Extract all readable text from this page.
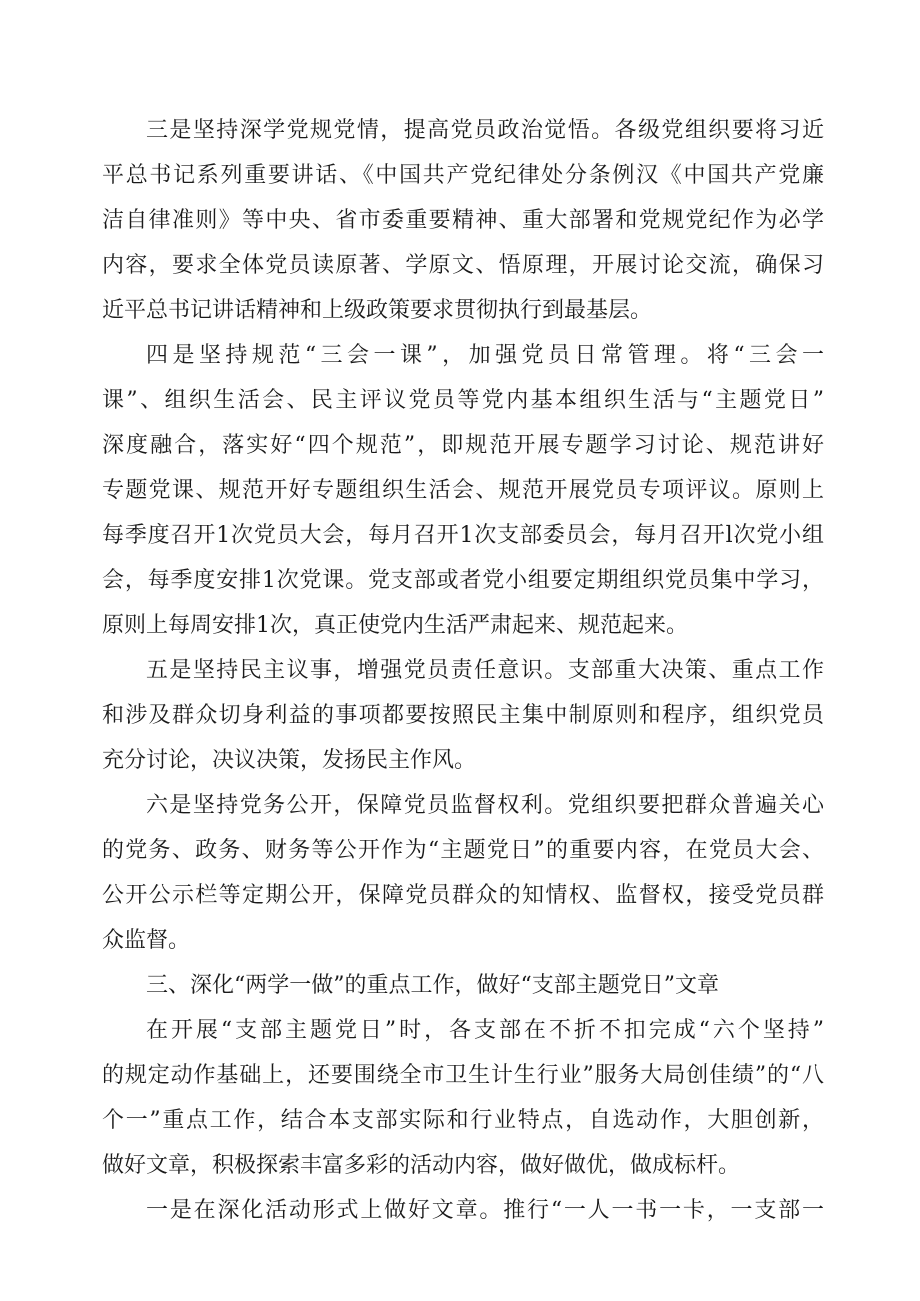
三是坚持深学党规党情，提高党员政治觉悟。各级党组织要将习近
平总书记系列重要讲话、《中国共产党纪律处分条例汉《中国共产党廉
洁自律准则》等中央、省市委重要精神、重大部署和党规党纪作为必学
内容，要求全体党员读原著、学原文、悟原理，开展讨论交流，确保习
近平总书记讲话精神和上级政策要求贯彻执行到最基层。
四是坚持规范“三会一课”，加强党员日常管理。将“三会一
课”、组织生活会、民主评议党员等党内基本组织生活与“主题党日”
深度融合，落实好“四个规范”，即规范开展专题学习讨论、规范讲好
专题党课、规范开好专题组织生活会、规范开展党员专项评议。原则上
每季度召开1次党员大会，每月召开1次支部委员会，每月召开l次党小组
会，每季度安排1次党课。党支部或者党小组要定期组织党员集中学习，
原则上每周安排1次，真正使党内生活严肃起来、规范起来。
五是坚持民主议事，增强党员责任意识。支部重大决策、重点工作
和涉及群众切身利益的事项都要按照民主集中制原则和程序，组织党员
充分讨论，决议决策，发扬民主作风。
六是坚持党务公开，保障党员监督权利。党组织要把群众普遍关心
的党务、政务、财务等公开作为“主题党日”的重要内容，在党员大会、
公开公示栏等定期公开，保障党员群众的知情权、监督权，接受党员群
众监督。
三、深化“两学一做”的重点工作，做好“支部主题党日”文章
在开展“支部主题党日”时，各支部在不折不扣完成“六个坚持”
的规定动作基础上，还要围绕全市卫生计生行业”服务大局创佳绩”的“八
个一”重点工作，结合本支部实际和行业特点，自选动作，大胆创新，
做好文章，积极探索丰富多彩的活动内容，做好做优，做成标杆。
一是在深化活动形式上做好文章。推行“一人一书一卡，一支部一
